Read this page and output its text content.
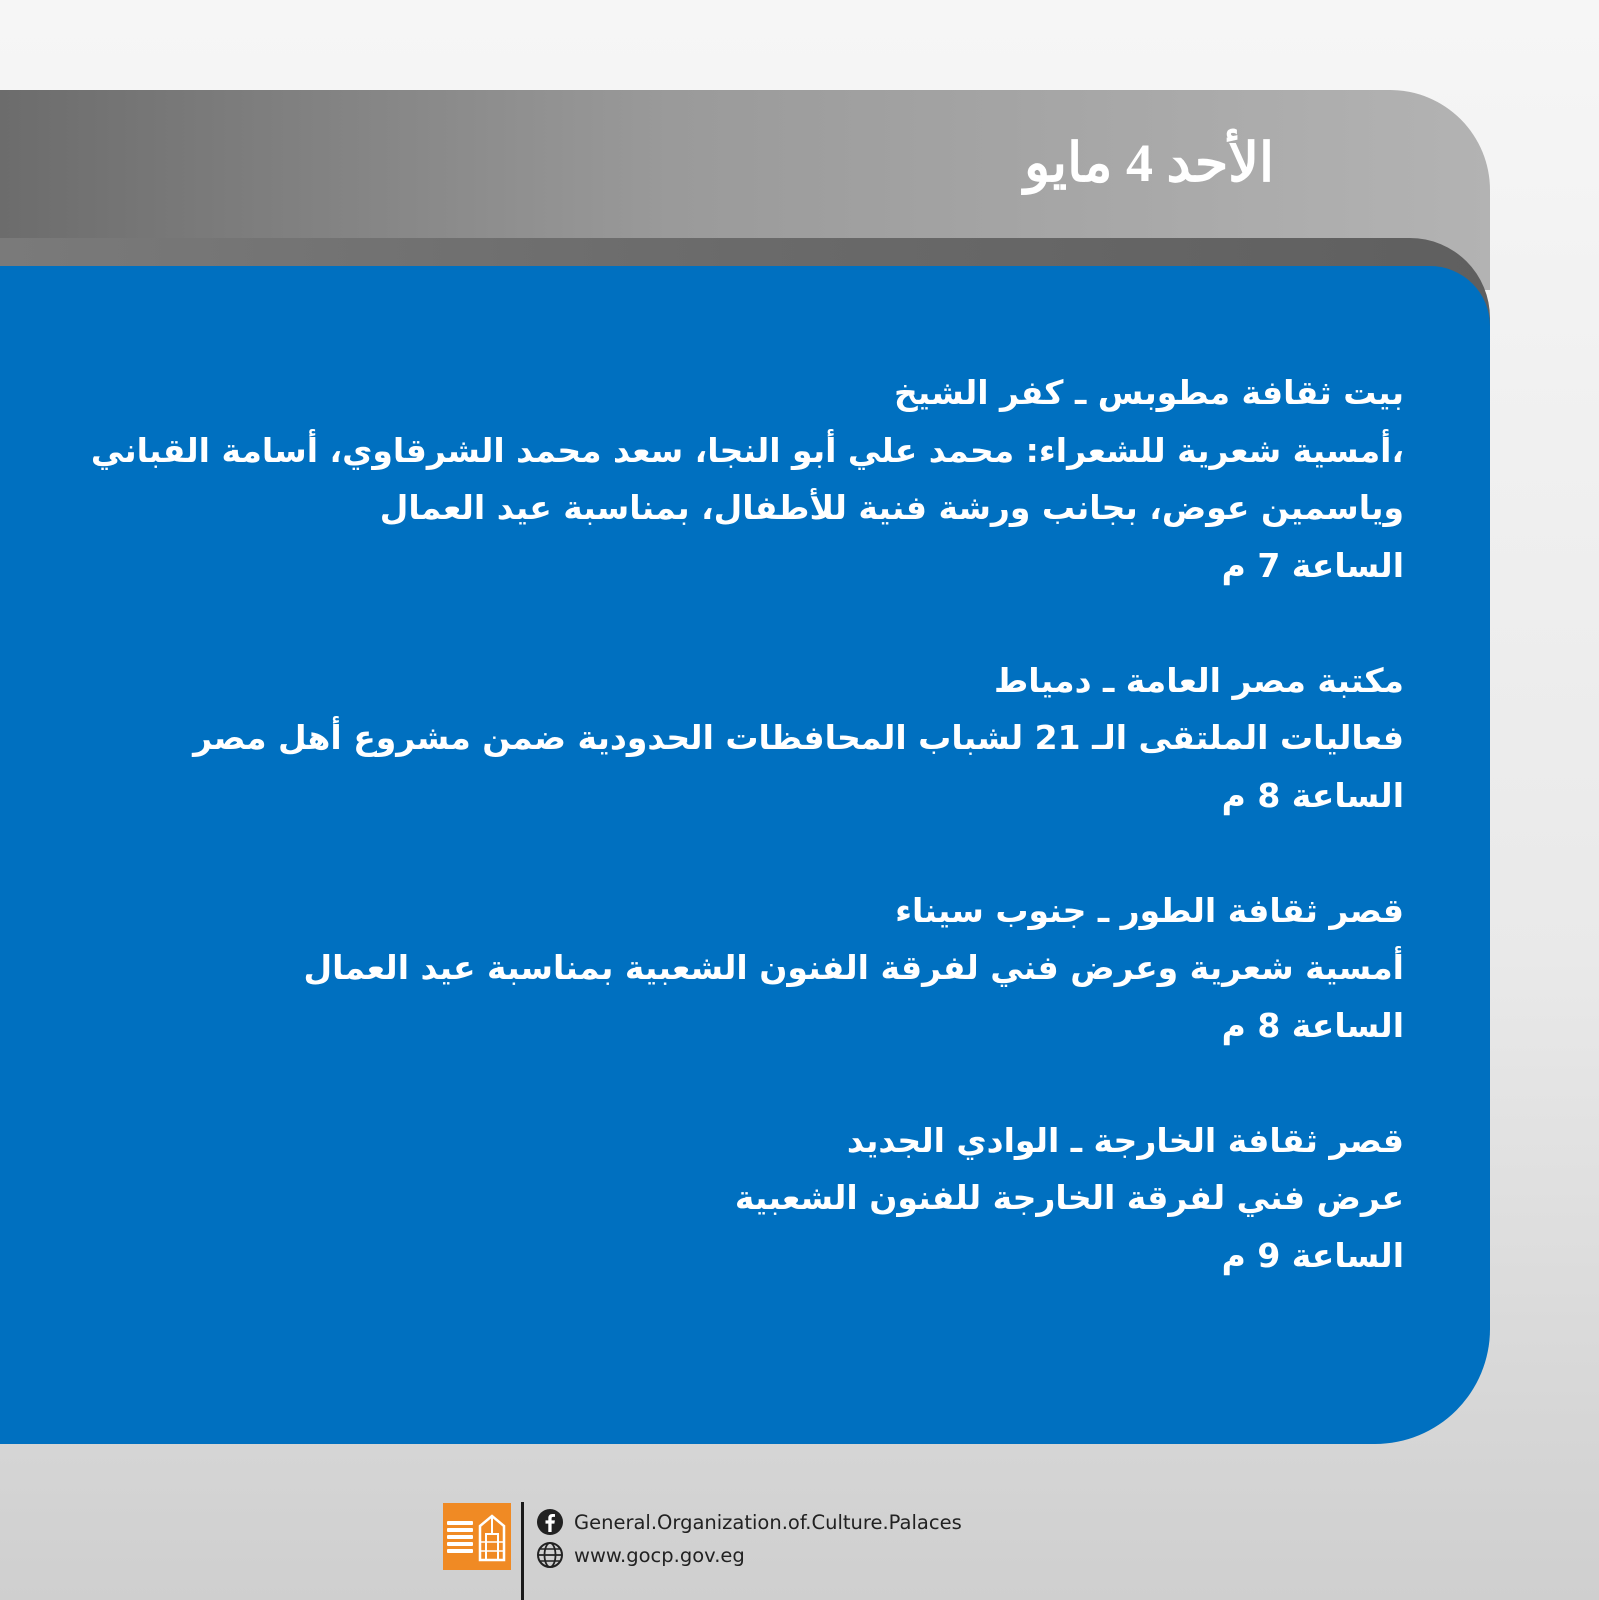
الأحد 4 مايو

بيت ثقافة مطوبس ـ كفر الشيخ

،أمسية شعرية للشعراء: محمد علي أبو النجا، سعد محمد الشرقاوي، أسامة القباني

وياسمين عوض، بجانب ورشة فنية للأطفال، بمناسبة عيد العمال

الساعة 7 م

مكتبة مصر العامة ـ دمياط

فعاليات الملتقى الـ 21 لشباب المحافظات الحدودية ضمن مشروع أهل مصر

الساعة 8 م

قصر ثقافة الطور ـ جنوب سيناء

أمسية شعرية وعرض فني لفرقة الفنون الشعبية بمناسبة عيد العمال

الساعة 8 م

قصر ثقافة الخارجة ـ الوادي الجديد

عرض فني لفرقة الخارجة للفنون الشعبية

الساعة 9 م

General.Organization.of.Culture.Palaces
www.gocp.gov.eg
